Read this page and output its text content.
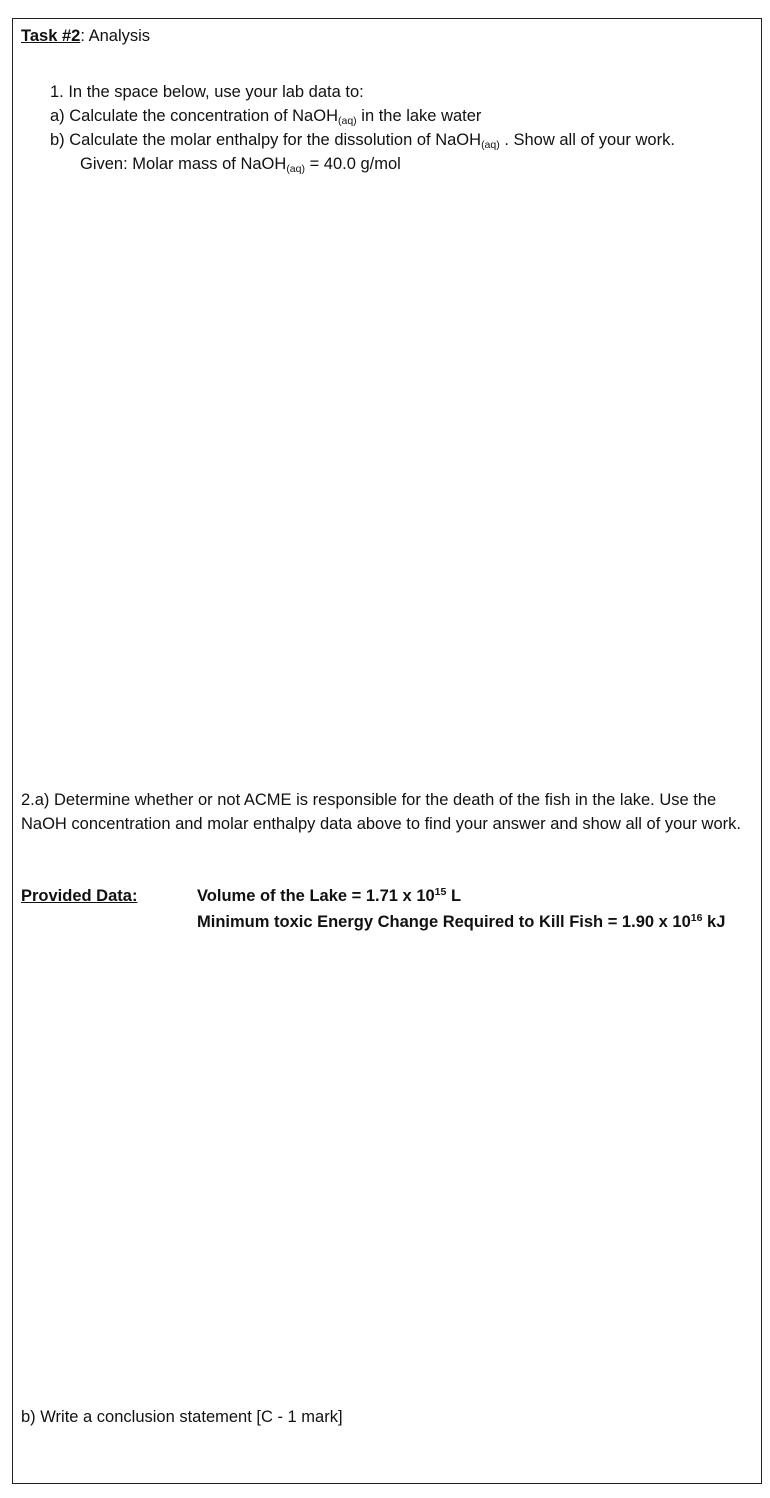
Task #2: Analysis
1. In the space below, use your lab data to:
a) Calculate the concentration of NaOH$_{(aq)}$ in the lake water
b) Calculate the molar enthalpy for the dissolution of NaOH$_{(aq)}$ . Show all of your work.
Given: Molar mass of NaOH$_{(aq)}$ = 40.0 g/mol
2.a) Determine whether or not ACME is responsible for the death of the fish in the lake. Use the NaOH concentration and molar enthalpy data above to find your answer and show all of your work.
Provided Data:	Volume of the Lake = 1.71 x $10^{15}$ L
Minimum toxic Energy Change Required to Kill Fish = 1.90 x $10^{16}$ kJ
b) Write a conclusion statement [C - 1 mark]
